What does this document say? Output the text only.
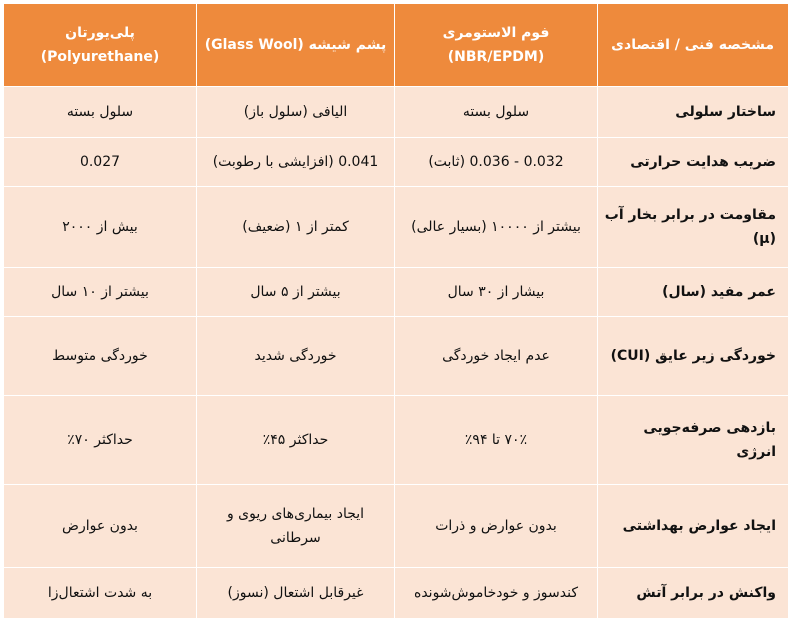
مشخصه فنی / اقتصادی	فوم الاستومری (NBR/EPDM)	پشم شیشه (Glass Wool)	پلی‌یورتان (Polyurethane)
ساختار سلولی	سلول بسته	الیافی (سلول باز)	سلول بسته
ضریب هدایت حرارتی	0.032 - 0.036 (ثابت)	0.041 (افزایشی با رطوبت)	0.027
مقاومت در برابر بخار آب (μ)	بیشتر از ۱۰۰۰۰ (بسیار عالی)	کمتر از ۱ (ضعیف)	بیش از ۲۰۰۰
عمر مفید (سال)	بیشار از ۳۰ سال	بیشتر از ۵ سال	بیشتر از ۱۰ سال
خوردگی زیر عایق (CUI)	عدم ایجاد خوردگی	خوردگی شدید	خوردگی متوسط
بازدهی صرفه‌جویی انرژی	۷۰٪ تا ۹۴٪	حداکثر ۴۵٪	حداکثر ۷۰٪
ایجاد عوارض بهداشتی	بدون عوارض و ذرات	ایجاد بیماری‌های ریوی و سرطانی	بدون عوارض
واکنش در برابر آتش	کندسوز و خودخاموش‌شونده	غیرقابل اشتعال (نسوز)	به شدت اشتعال‌زا
